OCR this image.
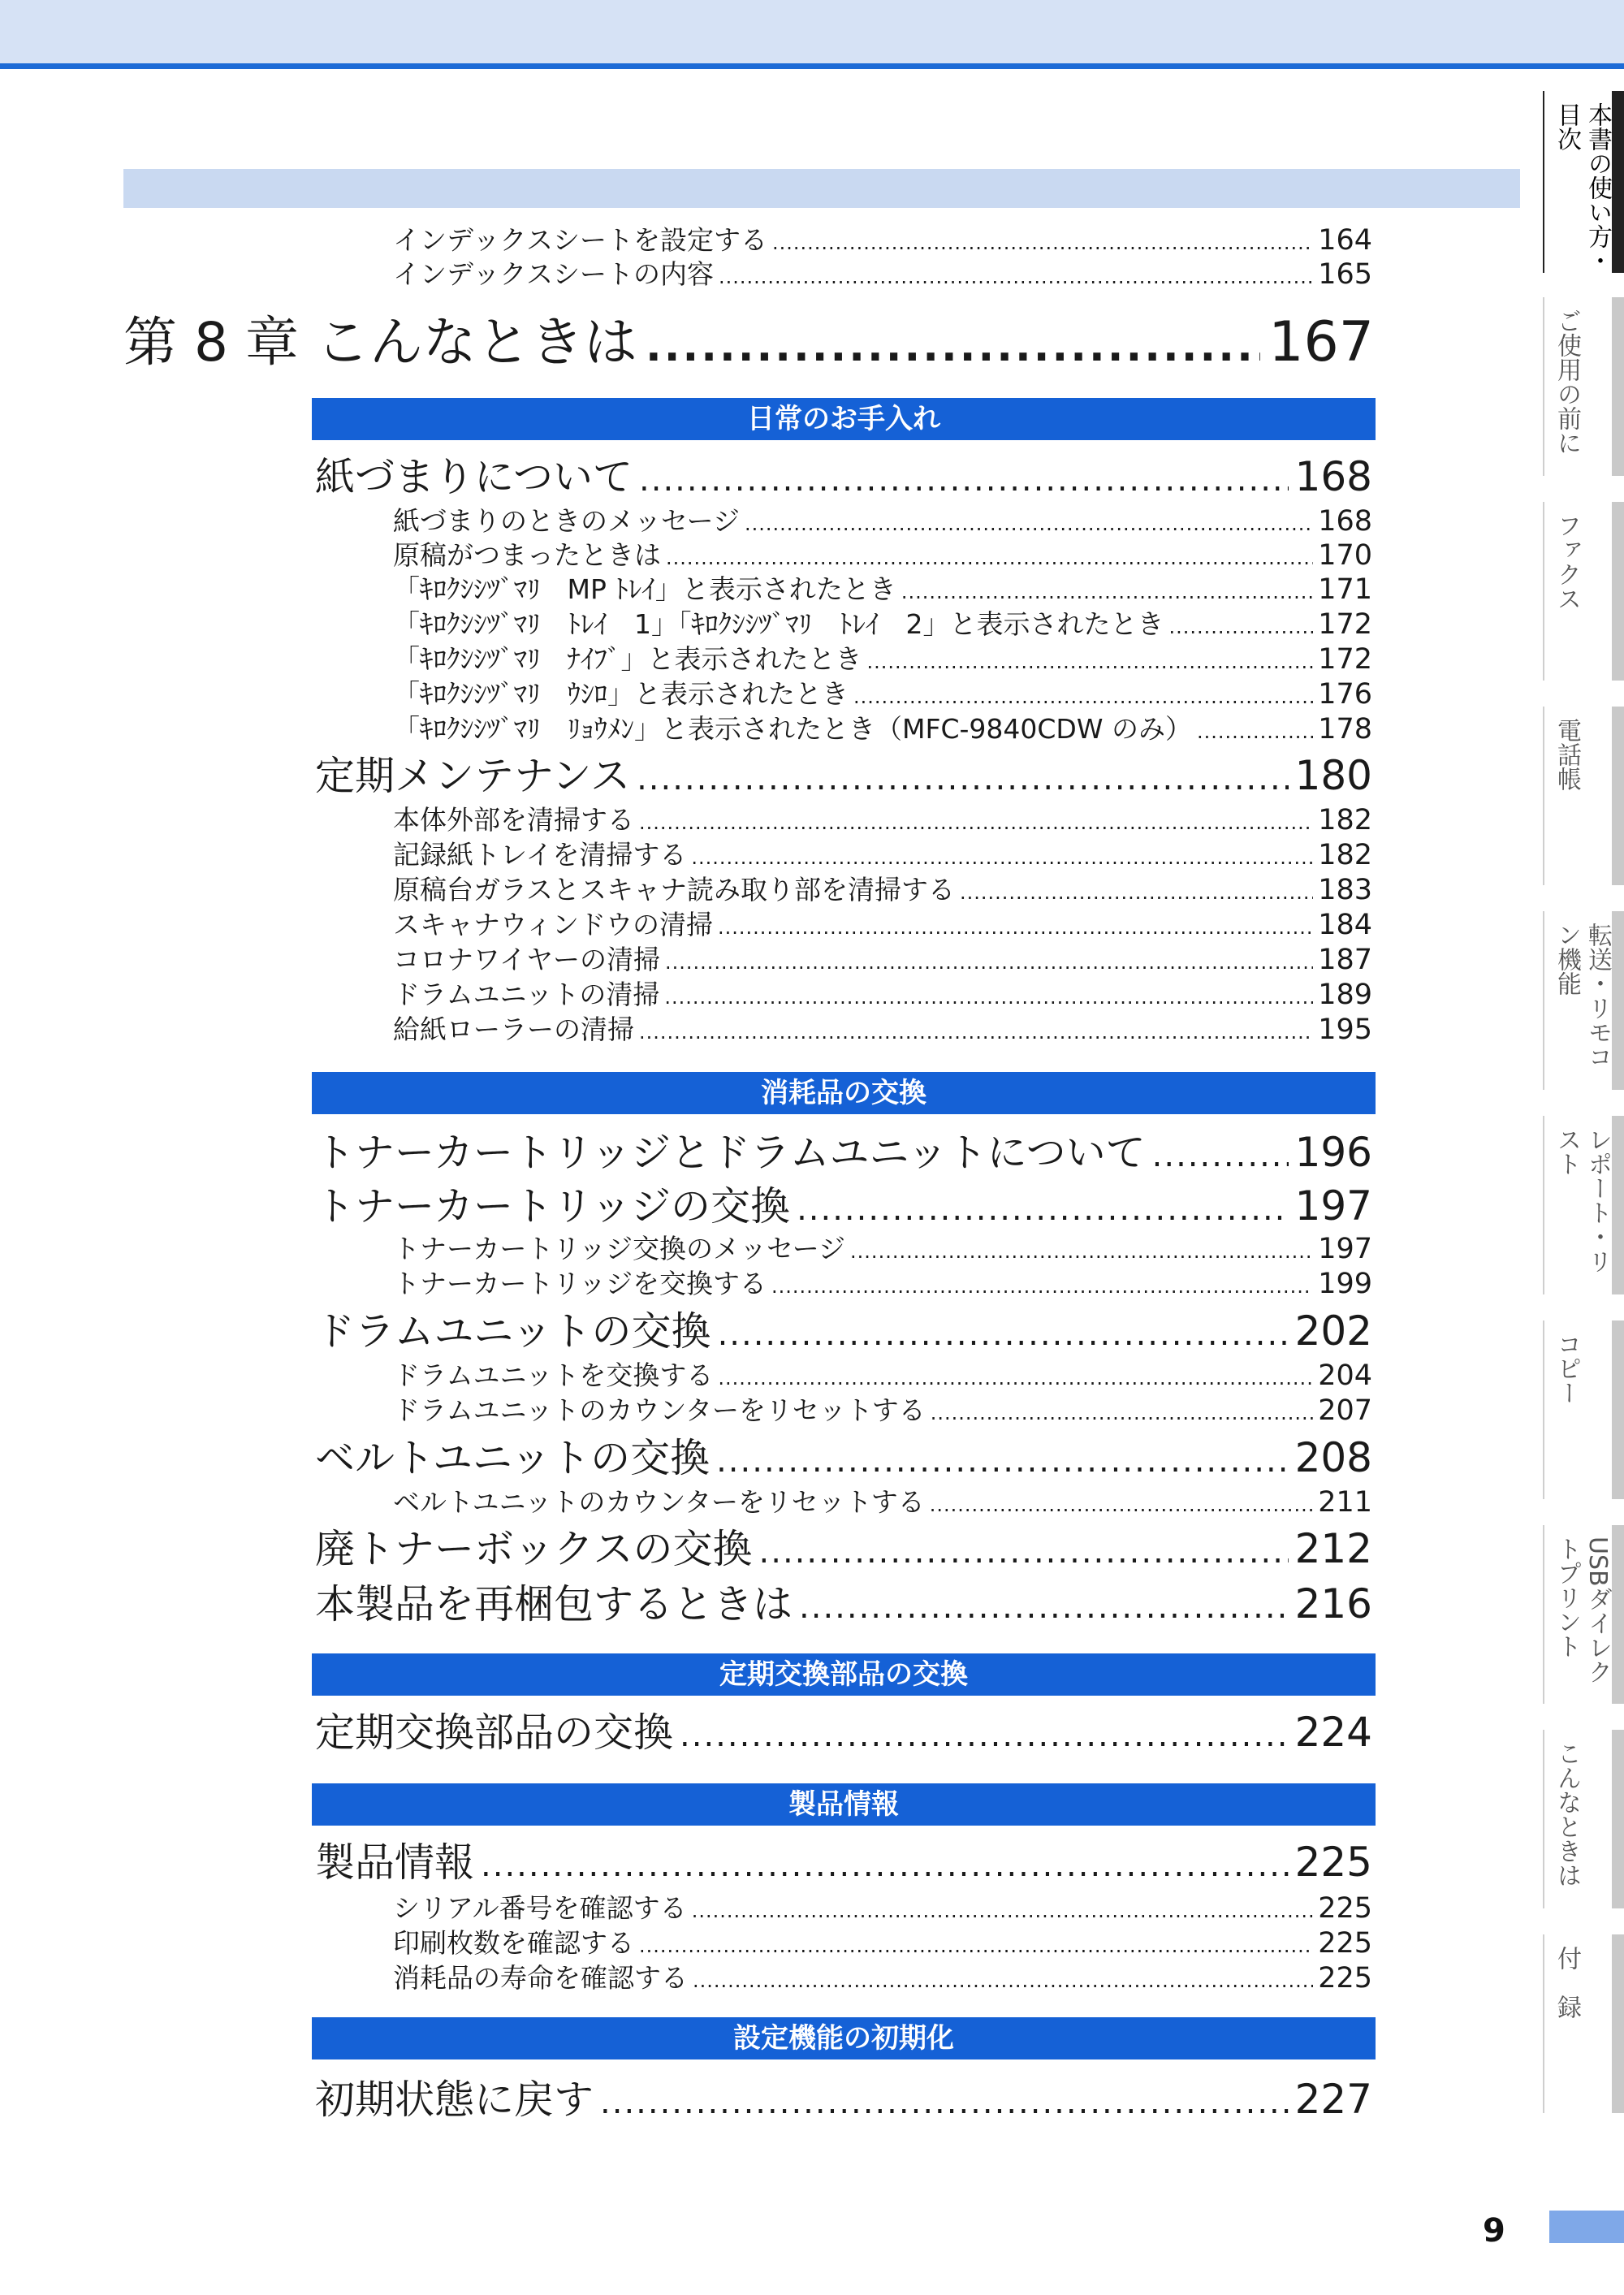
インデックスシートを設定する .....	164
インデックスシートの内容 .....	165
第 8 章 こんなときは .....	167
日常のお手入れ
紙づまりについて .....	168
紙づまりのときのメッセージ .....	168
原稿がつまったときは .....	170
「ｷﾛｸｼｼﾂﾞﾏﾘ　MP ﾄﾚｲ」と表示されたとき .....	171
「ｷﾛｸｼｼﾂﾞﾏﾘ　ﾄﾚｲ　1」「ｷﾛｸｼｼﾂﾞﾏﾘ　ﾄﾚｲ　2」と表示されたとき .....	172
「ｷﾛｸｼｼﾂﾞﾏﾘ　ﾅｲﾌﾞ」と表示されたとき .....	172
「ｷﾛｸｼｼﾂﾞﾏﾘ　ｳｼﾛ」と表示されたとき .....	176
「ｷﾛｸｼｼﾂﾞﾏﾘ　ﾘｮｳﾒﾝ」と表示されたとき（MFC-9840CDW のみ） .....	178
定期メンテナンス .....	180
本体外部を清掃する .....	182
記録紙トレイを清掃する .....	182
原稿台ガラスとスキャナ読み取り部を清掃する .....	183
スキャナウィンドウの清掃 .....	184
コロナワイヤーの清掃 .....	187
ドラムユニットの清掃 .....	189
給紙ローラーの清掃 .....	195
消耗品の交換
トナーカートリッジとドラムユニットについて .....	196
トナーカートリッジの交換 .....	197
トナーカートリッジ交換のメッセージ .....	197
トナーカートリッジを交換する .....	199
ドラムユニットの交換 .....	202
ドラムユニットを交換する .....	204
ドラムユニットのカウンターをリセットする .....	207
ベルトユニットの交換 .....	208
ベルトユニットのカウンターをリセットする .....	211
廃トナーボックスの交換 .....	212
本製品を再梱包するときは .....	216
定期交換部品の交換
定期交換部品の交換 .....	224
製品情報
製品情報 .....	225
シリアル番号を確認する .....	225
印刷枚数を確認する .....	225
消耗品の寿命を確認する .....	225
設定機能の初期化
初期状態に戻す .....	227
本書の使い方・目次
ご使用の前に
ファクス
電話帳
転送・リモコン機能
レポート・リスト
コピー
USBダイレクトプリント
こんなときは
付　録
9
